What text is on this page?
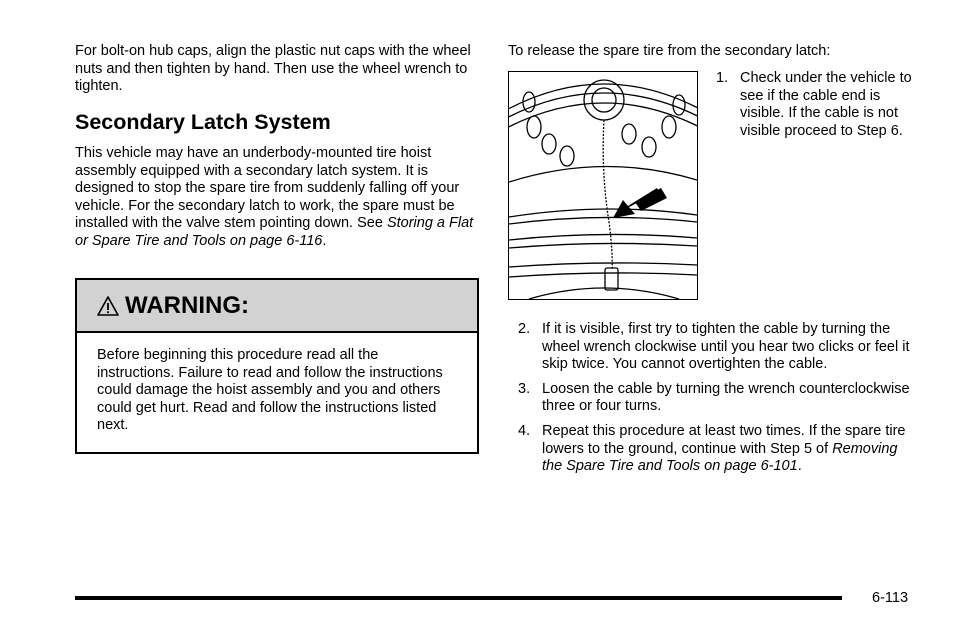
For bolt-on hub caps, align the plastic nut caps with the wheel nuts and then tighten by hand. Then use the wheel wrench to tighten.

Secondary Latch System

This vehicle may have an underbody-mounted tire hoist assembly equipped with a secondary latch system. It is designed to stop the spare tire from suddenly falling off your vehicle. For the secondary latch to work, the spare must be installed with the valve stem pointing down. See Storing a Flat or Spare Tire and Tools on page 6-116.

WARNING:

Before beginning this procedure read all the instructions. Failure to read and follow the instructions could damage the hoist assembly and you and others could get hurt. Read and follow the instructions listed next.

To release the spare tire from the secondary latch:

1. Check under the vehicle to see if the cable end is visible. If the cable is not visible proceed to Step 6.
2. If it is visible, first try to tighten the cable by turning the wheel wrench clockwise until you hear two clicks or feel it skip twice. You cannot overtighten the cable.
3. Loosen the cable by turning the wrench counterclockwise three or four turns.
4. Repeat this procedure at least two times. If the spare tire lowers to the ground, continue with Step 5 of Removing the Spare Tire and Tools on page 6-101.
6-113
